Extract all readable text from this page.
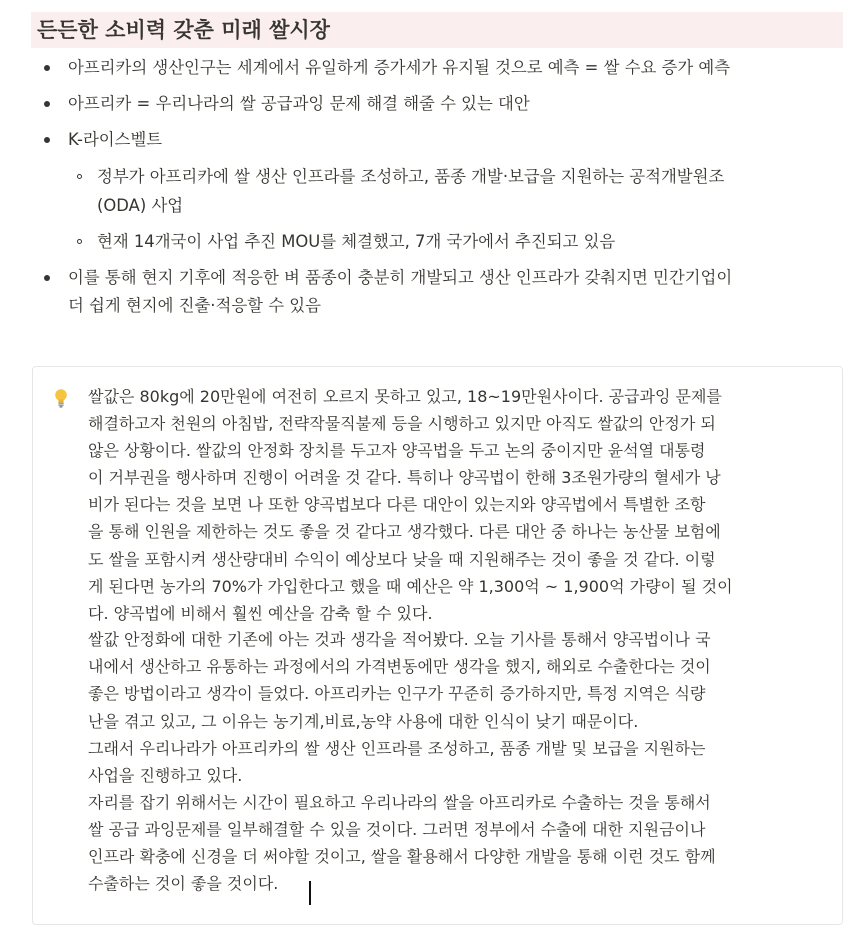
든든한 소비력 갖춘 미래 쌀시장
아프리카의 생산인구는 세계에서 유일하게 증가세가 유지될 것으로 예측 = 쌀 수요 증가 예측
아프리카 = 우리나라의 쌀 공급과잉 문제 해결 해줄 수 있는 대안
K-라이스벨트
정부가 아프리카에 쌀 생산 인프라를 조성하고, 품종 개발·보급을 지원하는 공적개발원조
(ODA) 사업
현재 14개국이 사업 추진 MOU를 체결했고, 7개 국가에서 추진되고 있음
이를 통해 현지 기후에 적응한 벼 품종이 충분히 개발되고 생산 인프라가 갖춰지면 민간기업이
더 쉽게 현지에 진출·적응할 수 있음
쌀값은 80kg에 20만원에 여전히 오르지 못하고 있고, 18~19만원사이다. 공급과잉 문제를
해결하고자 천원의 아침밥, 전략작물직불제 등을 시행하고 있지만 아직도 쌀값의 안정가 되
않은 상황이다. 쌀값의 안정화 장치를 두고자 양곡법을 두고 논의 중이지만 윤석열 대통령
이 거부권을 행사하며 진행이 어려울 것 같다. 특히나 양곡법이 한해 3조원가량의 혈세가 낭
비가 된다는 것을 보면 나 또한 양곡법보다 다른 대안이 있는지와 양곡법에서 특별한 조항
을 통해 인원을 제한하는 것도 좋을 것 같다고 생각했다. 다른 대안 중 하나는 농산물 보험에
도 쌀을 포함시켜 생산량대비 수익이 예상보다 낮을 때 지원해주는 것이 좋을 것 같다. 이렇
게 된다면 농가의 70%가 가입한다고 했을 때 예산은 약 1,300억 ~ 1,900억 가량이 될 것이
다. 양곡법에 비해서 훨씬 예산을 감축 할 수 있다.
쌀값 안정화에 대한 기존에 아는 것과 생각을 적어봤다. 오늘 기사를 통해서 양곡법이나 국
내에서 생산하고 유통하는 과정에서의 가격변동에만 생각을 했지, 해외로 수출한다는 것이
좋은 방법이라고 생각이 들었다. 아프리카는 인구가 꾸준히 증가하지만, 특정 지역은 식량
난을 겪고 있고, 그 이유는 농기계,비료,농약 사용에 대한 인식이 낮기 때문이다.
그래서 우리나라가 아프리카의 쌀 생산 인프라를 조성하고, 품종 개발 및 보급을 지원하는
사업을 진행하고 있다.
자리를 잡기 위해서는 시간이 필요하고 우리나라의 쌀을 아프리카로 수출하는 것을 통해서
쌀 공급 과잉문제를 일부해결할 수 있을 것이다. 그러면 정부에서 수출에 대한 지원금이나
인프라 확충에 신경을 더 써야할 것이고, 쌀을 활용해서 다양한 개발을 통해 이런 것도 함께
수출하는 것이 좋을 것이다.
